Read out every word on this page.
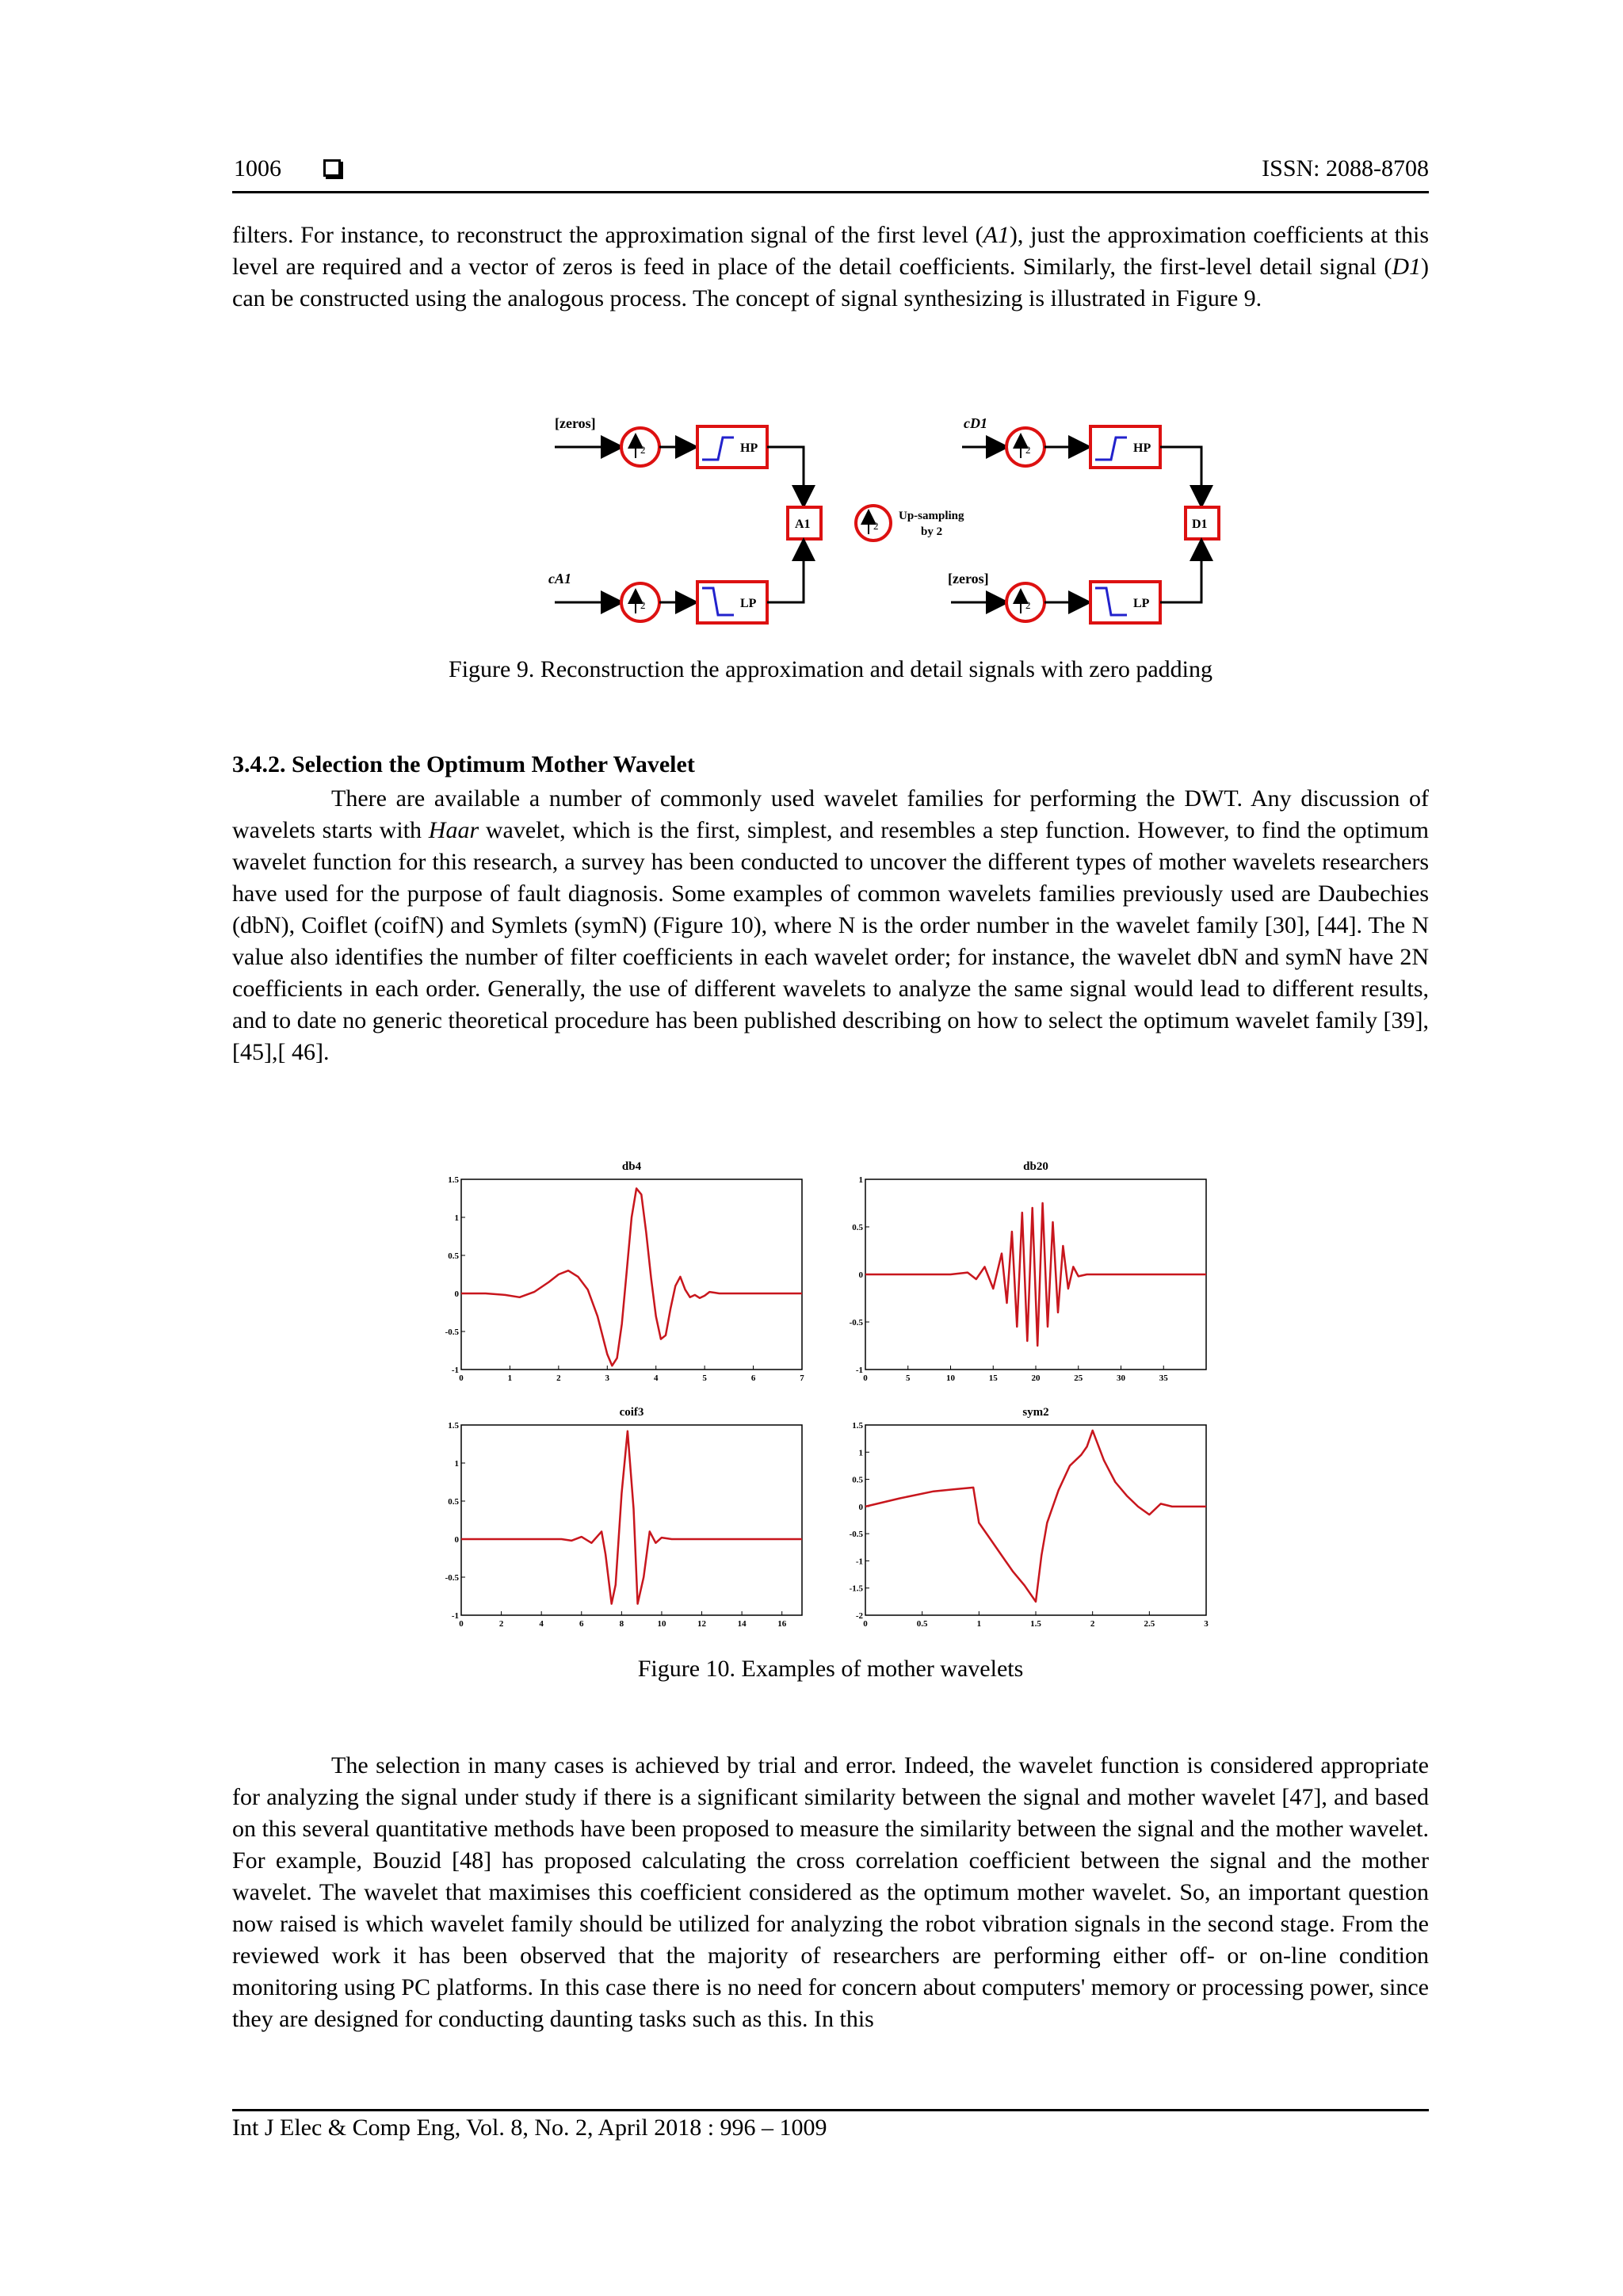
1006	ISSN: 2088-8708

filters. For instance, to reconstruct the approximation signal of the first level (A1), just the approximation coefficients at this level are required and a vector of zeros is feed in place of the detail coefficients. Similarly, the first-level detail signal (D1) can be constructed using the analogous process. The concept of signal synthesizing is illustrated in Figure 9.

[zeros]
2	HP
A1
cA1
2	LP
2
Up-sampling
by 2
cD1
2	HP
D1
[zeros]
2	LP
Figure 9. Reconstruction the approximation and detail signals with zero padding
3.4.2. Selection the Optimum Mother Wavelet

There are available a number of commonly used wavelet families for performing the DWT. Any discussion of wavelets starts with Haar wavelet, which is the first, simplest, and resembles a step function. However, to find the optimum wavelet function for this research, a survey has been conducted to uncover the different types of mother wavelets researchers have used for the purpose of fault diagnosis. Some examples of common wavelets families previously used are Daubechies (dbN), Coiflet (coifN) and Symlets (symN) (Figure 10), where N is the order number in the wavelet family [30], [44]. The N value also identifies the number of filter coefficients in each wavelet order; for instance, the wavelet dbN and symN have 2N coefficients in each order. Generally, the use of different wavelets to analyze the same signal would lead to different results, and to date no generic theoretical procedure has been published describing on how to select the optimum wavelet family [39], [45],[ 46].

db4
1.5
1
0.5
0
-0.5
-1
0	1	2	3	4	5	6	7
db20
1
0.5
0
-0.5
-1
0	5	10	15	20	25	30	35
coif3
1.5
1
0.5
0
-0.5
-1
0	2	4	6	8	10	12	14	16
sym2
1.5
1
0.5
0
-0.5
-1
-1.5
-2
0	0.5	1	1.5	2	2.5	3
Figure 10. Examples of mother wavelets

The selection in many cases is achieved by trial and error. Indeed, the wavelet function is considered appropriate for analyzing the signal under study if there is a significant similarity between the signal and mother wavelet [47], and based on this several quantitative methods have been proposed to measure the similarity between the signal and the mother wavelet. For example, Bouzid [48] has proposed calculating the cross correlation coefficient between the signal and the mother wavelet. The wavelet that maximises this coefficient considered as the optimum mother wavelet. So, an important question now raised is which wavelet family should be utilized for analyzing the robot vibration signals in the second stage. From the reviewed work it has been observed that the majority of researchers are performing either off- or on-line condition monitoring using PC platforms. In this case there is no need for concern about computers' memory or processing power, since they are designed for conducting daunting tasks such as this. In this

Int J Elec & Comp Eng, Vol. 8, No. 2, April 2018 : 996 – 1009
